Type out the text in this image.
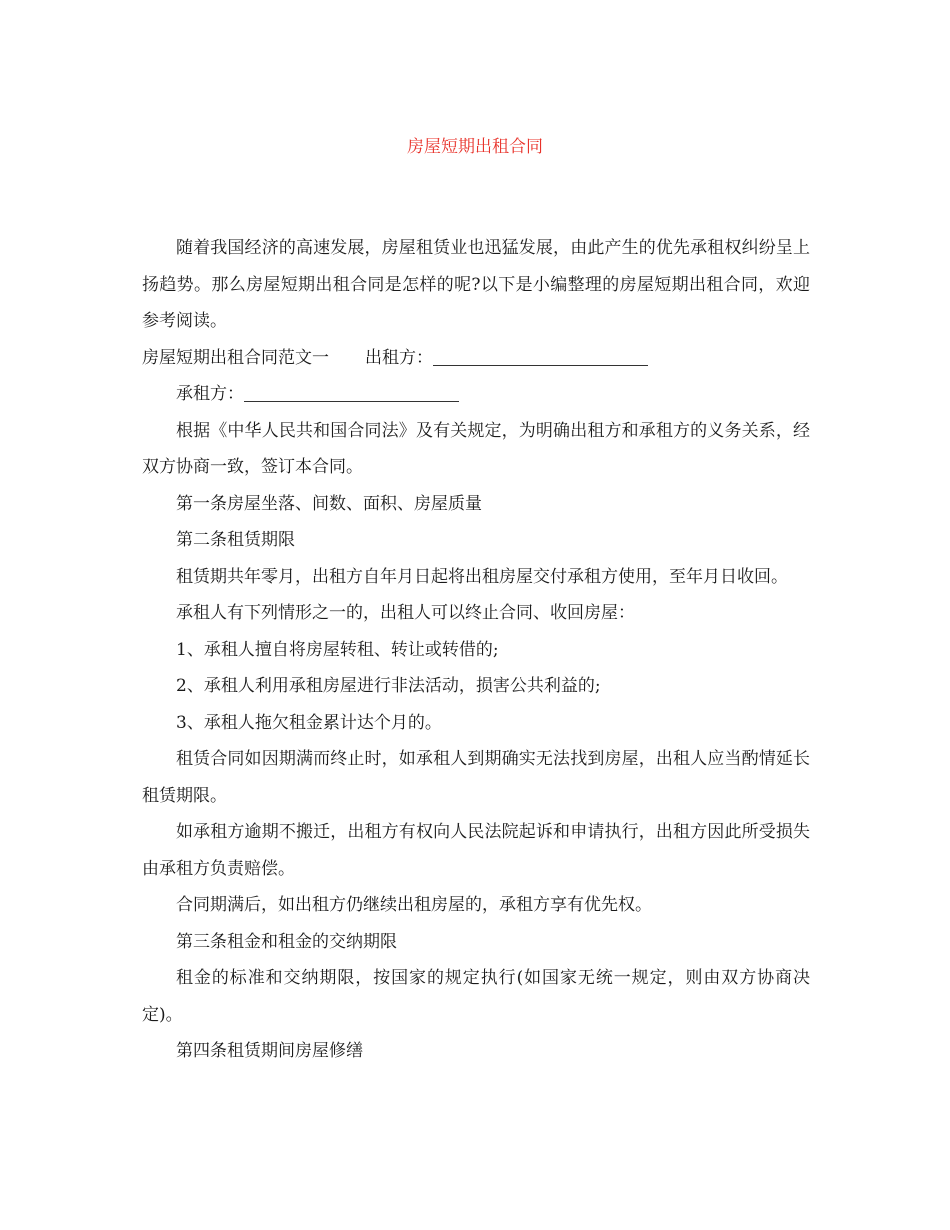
房屋短期出租合同

随着我国经济的高速发展，房屋租赁业也迅猛发展，由此产生的优先承租权纠纷呈上扬趋势。那么房屋短期出租合同是怎样的呢?以下是小编整理的房屋短期出租合同，欢迎参考阅读。

房屋短期出租合同范文一 出租方：

承租方：

根据《中华人民共和国合同法》及有关规定，为明确出租方和承租方的义务关系，经双方协商一致，签订本合同。

第一条房屋坐落、间数、面积、房屋质量

第二条租赁期限

租赁期共年零月，出租方自年月日起将出租房屋交付承租方使用，至年月日收回。

承租人有下列情形之一的，出租人可以终止合同、收回房屋：

1、承租人擅自将房屋转租、转让或转借的;

2、承租人利用承租房屋进行非法活动，损害公共利益的;

3、承租人拖欠租金累计达个月的。

租赁合同如因期满而终止时，如承租人到期确实无法找到房屋，出租人应当酌情延长租赁期限。

如承租方逾期不搬迁，出租方有权向人民法院起诉和申请执行，出租方因此所受损失由承租方负责赔偿。

合同期满后，如出租方仍继续出租房屋的，承租方享有优先权。

第三条租金和租金的交纳期限

租金的标准和交纳期限，按国家的规定执行(如国家无统一规定，则由双方协商决定)。

第四条租赁期间房屋修缮
